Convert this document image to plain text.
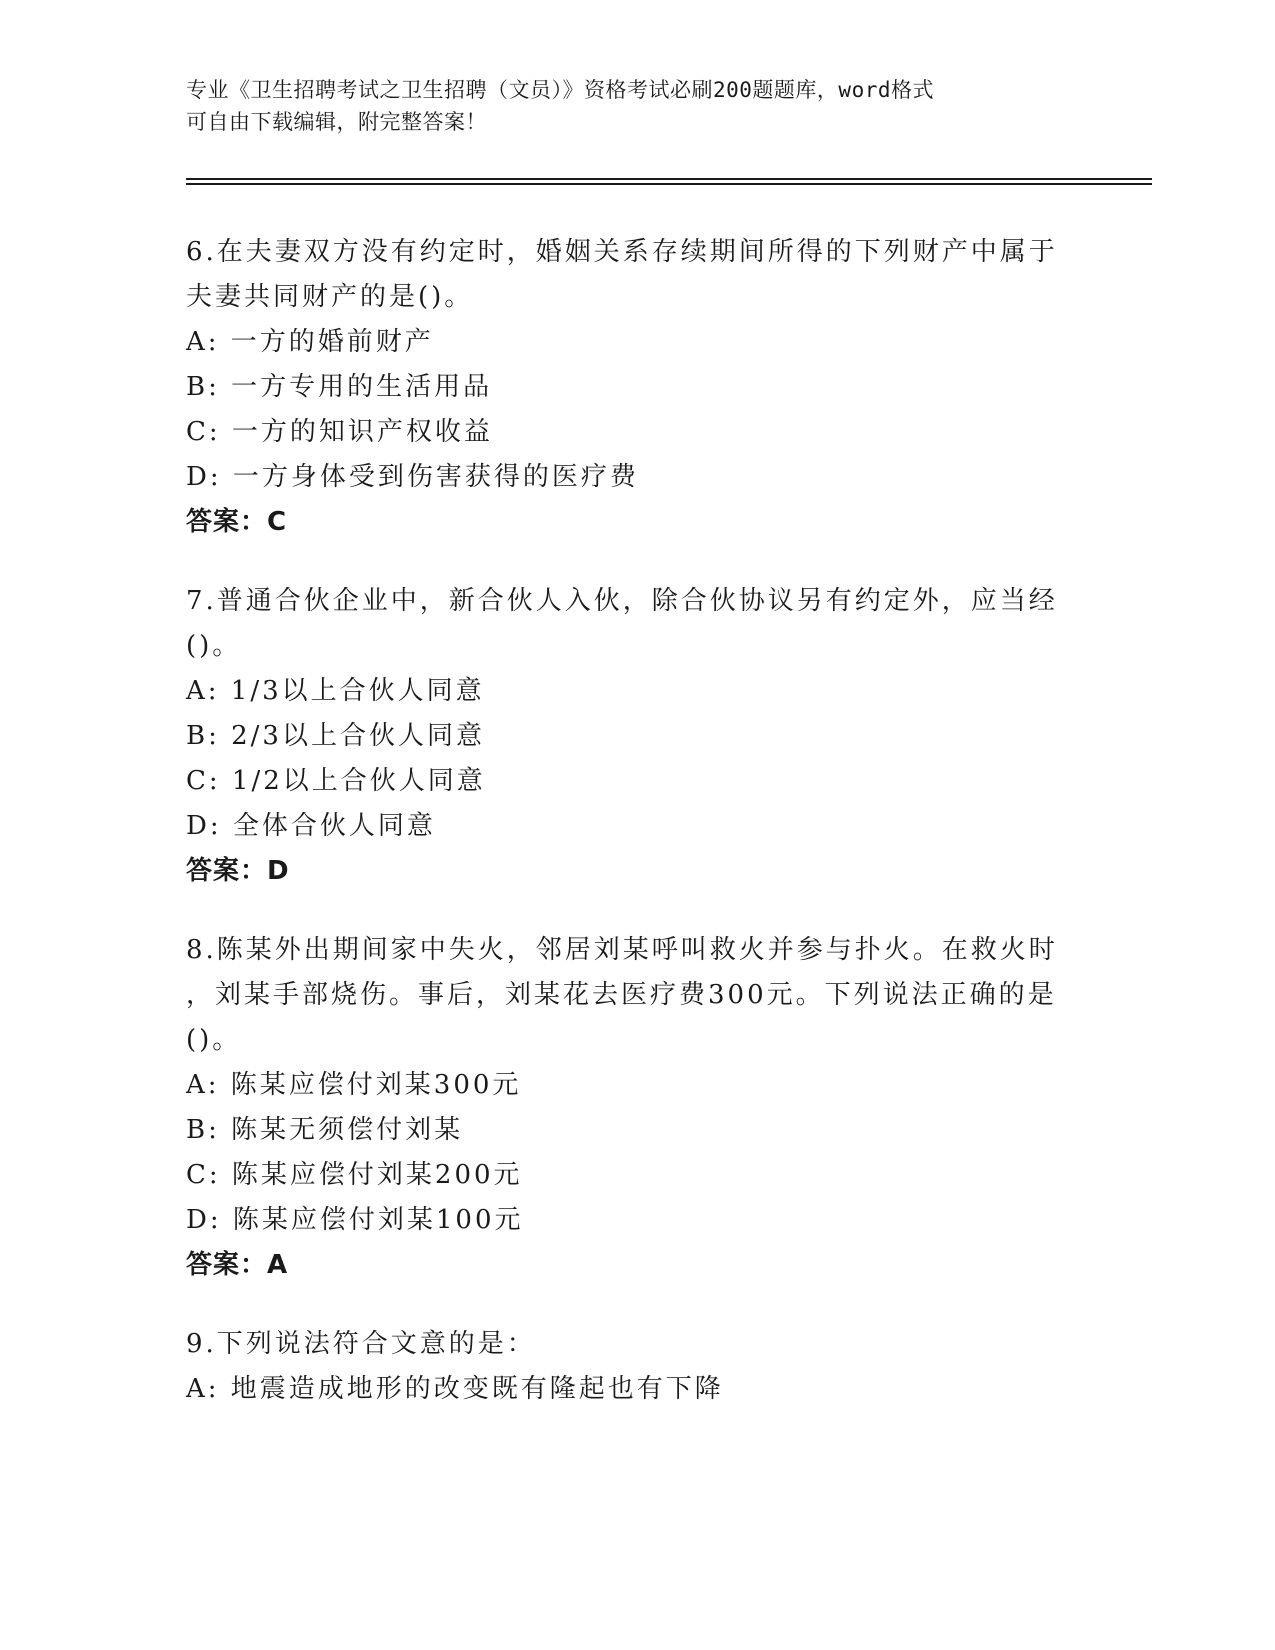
专业《卫生招聘考试之卫生招聘（文员）》资格考试必刷200题题库，word格式
可自由下载编辑，附完整答案！

6.在夫妻双方没有约定时，婚姻关系存续期间所得的下列财产中属于

夫妻共同财产的是()。

A: 一方的婚前财产

B: 一方专用的生活用品

C: 一方的知识产权收益

D: 一方身体受到伤害获得的医疗费

答案：C

7.普通合伙企业中，新合伙人入伙，除合伙协议另有约定外，应当经

()。

A: 1/3以上合伙人同意

B: 2/3以上合伙人同意

C: 1/2以上合伙人同意

D: 全体合伙人同意

答案：D

8.陈某外出期间家中失火，邻居刘某呼叫救火并参与扑火。在救火时

，刘某手部烧伤。事后，刘某花去医疗费300元。下列说法正确的是

()。

A: 陈某应偿付刘某300元

B: 陈某无须偿付刘某

C: 陈某应偿付刘某200元

D: 陈某应偿付刘某100元

答案：A

9.下列说法符合文意的是：

A: 地震造成地形的改变既有隆起也有下降
